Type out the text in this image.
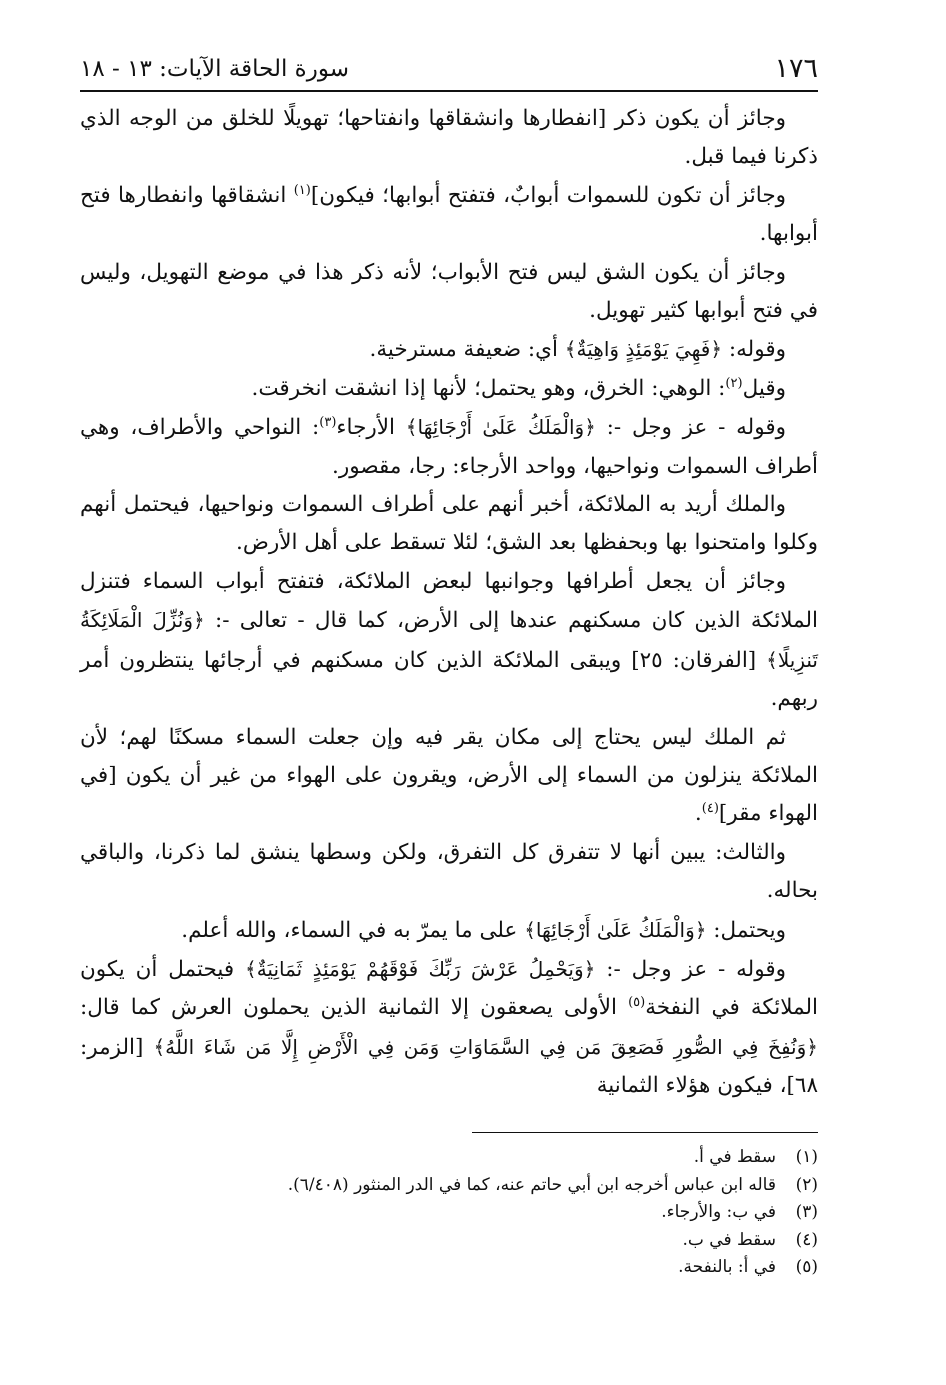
١٧٦
سورة الحاقة الآيات: ١٣ - ١٨

وجائز أن يكون ذكر [انفطارها وانشقاقها وانفتاحها؛ تهويلًا للخلق من الوجه الذي ذكرنا فيما قبل.

وجائز أن تكون للسموات أبوابٌ، فتفتح أبوابها؛ فيكون]$^{(١)}$ انشقاقها وانفطارها فتح أبوابها.

وجائز أن يكون الشق ليس فتح الأبواب؛ لأنه ذكر هذا في موضع التهويل، وليس في فتح أبوابها كثير تهويل.

وقوله: ﴿فَهِيَ يَوْمَئِذٍ وَاهِيَةٌ﴾ أي: ضعيفة مسترخية.

وقيل$^{(٢)}$: الوهي: الخرق، وهو يحتمل؛ لأنها إذا انشقت انخرقت.

وقوله - عز وجل -: ﴿وَالْمَلَكُ عَلَىٰ أَرْجَائِهَا﴾ الأرجاء$^{(٣)}$: النواحي والأطراف، وهي أطراف السموات ونواحيها، وواحد الأرجاء: رجا، مقصور.

والملك أريد به الملائكة، أخبر أنهم على أطراف السموات ونواحيها، فيحتمل أنهم وكلوا وامتحنوا بها وبحفظها بعد الشق؛ لئلا تسقط على أهل الأرض.

وجائز أن يجعل أطرافها وجوانبها لبعض الملائكة، فتفتح أبواب السماء فتنزل الملائكة الذين كان مسكنهم عندها إلى الأرض، كما قال - تعالى -: ﴿وَنُزِّلَ الْمَلَائِكَةُ تَنزِيلًا﴾ [الفرقان: ٢٥] ويبقى الملائكة الذين كان مسكنهم في أرجائها ينتظرون أمر ربهم.

ثم الملك ليس يحتاج إلى مكان يقر فيه وإن جعلت السماء مسكنًا لهم؛ لأن الملائكة ينزلون من السماء إلى الأرض، ويقرون على الهواء من غير أن يكون [في الهواء مقر]$^{(٤)}$.

والثالث: يبين أنها لا تتفرق كل التفرق، ولكن وسطها ينشق لما ذكرنا، والباقي بحاله.

ويحتمل: ﴿وَالْمَلَكُ عَلَىٰ أَرْجَائِهَا﴾ على ما يمرّ به في السماء، والله أعلم.

وقوله - عز وجل -: ﴿وَيَحْمِلُ عَرْشَ رَبِّكَ فَوْقَهُمْ يَوْمَئِذٍ ثَمَانِيَةٌ﴾ فيحتمل أن يكون الملائكة في النفخة$^{(٥)}$ الأولى يصعقون إلا الثمانية الذين يحملون العرش كما قال: ﴿وَنُفِخَ فِي الصُّورِ فَصَعِقَ مَن فِي السَّمَاوَاتِ وَمَن فِي الْأَرْضِ إِلَّا مَن شَاءَ اللَّهُ﴾ [الزمر: ٦٨]، فيكون هؤلاء الثمانية

(١)
سقط في أ.
(٢)
قاله ابن عباس أخرجه ابن أبي حاتم عنه، كما في الدر المنثور (٦/٤٠٨).
(٣)
في ب: والأرجاء.
(٤)
سقط في ب.
(٥)
في أ: بالنفحة.
